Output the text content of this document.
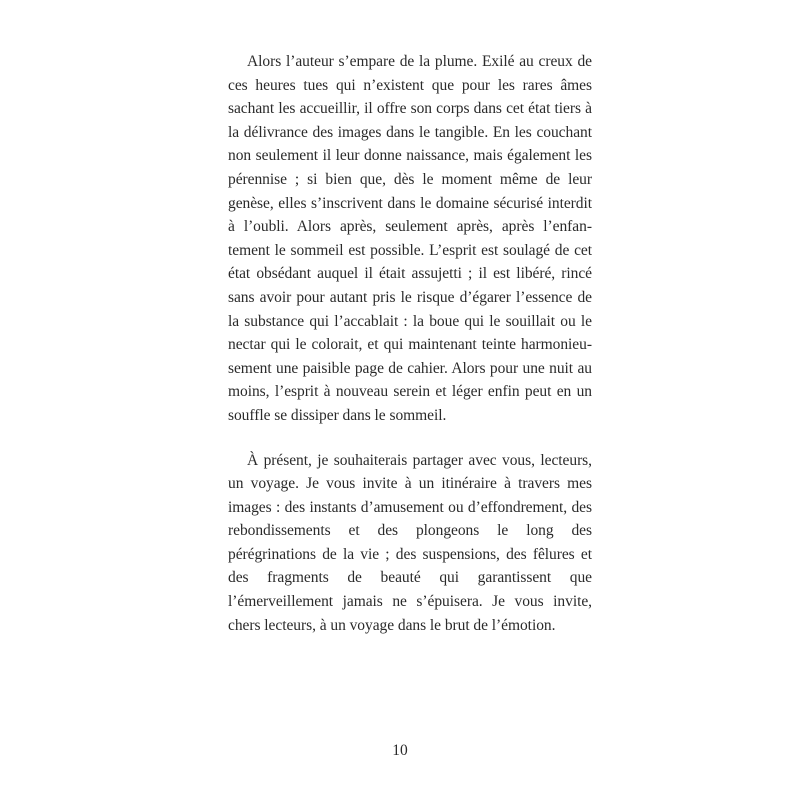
Alors l’auteur s’empare de la plume. Exilé au creux de ces heures tues qui n’existent que pour les rares âmes sachant les accueillir, il offre son corps dans cet état tiers à la délivrance des images dans le tangible. En les couchant non seulement il leur donne naissance, mais également les pérennise ; si bien que, dès le moment même de leur genèse, elles s’inscrivent dans le domaine sécurisé interdit à l’oubli. Alors après, seulement après, après l’enfantement le sommeil est possible. L’esprit est soulagé de cet état obsédant auquel il était assujetti ; il est libéré, rincé sans avoir pour autant pris le risque d’égarer l’essence de la substance qui l’accablait : la boue qui le souillait ou le nectar qui le colorait, et qui maintenant teinte harmonieusement une paisible page de cahier. Alors pour une nuit au moins, l’esprit à nouveau serein et léger enfin peut en un souffle se dissiper dans le sommeil.

À présent, je souhaiterais partager avec vous, lecteurs, un voyage. Je vous invite à un itinéraire à travers mes images : des instants d’amusement ou d’effondrement, des rebondissements et des plongeons le long des pérégrinations de la vie ; des suspensions, des fêlures et des fragments de beauté qui garantissent que l’émerveillement jamais ne s’épuisera. Je vous invite, chers lecteurs, à un voyage dans le brut de l’émotion.

10
